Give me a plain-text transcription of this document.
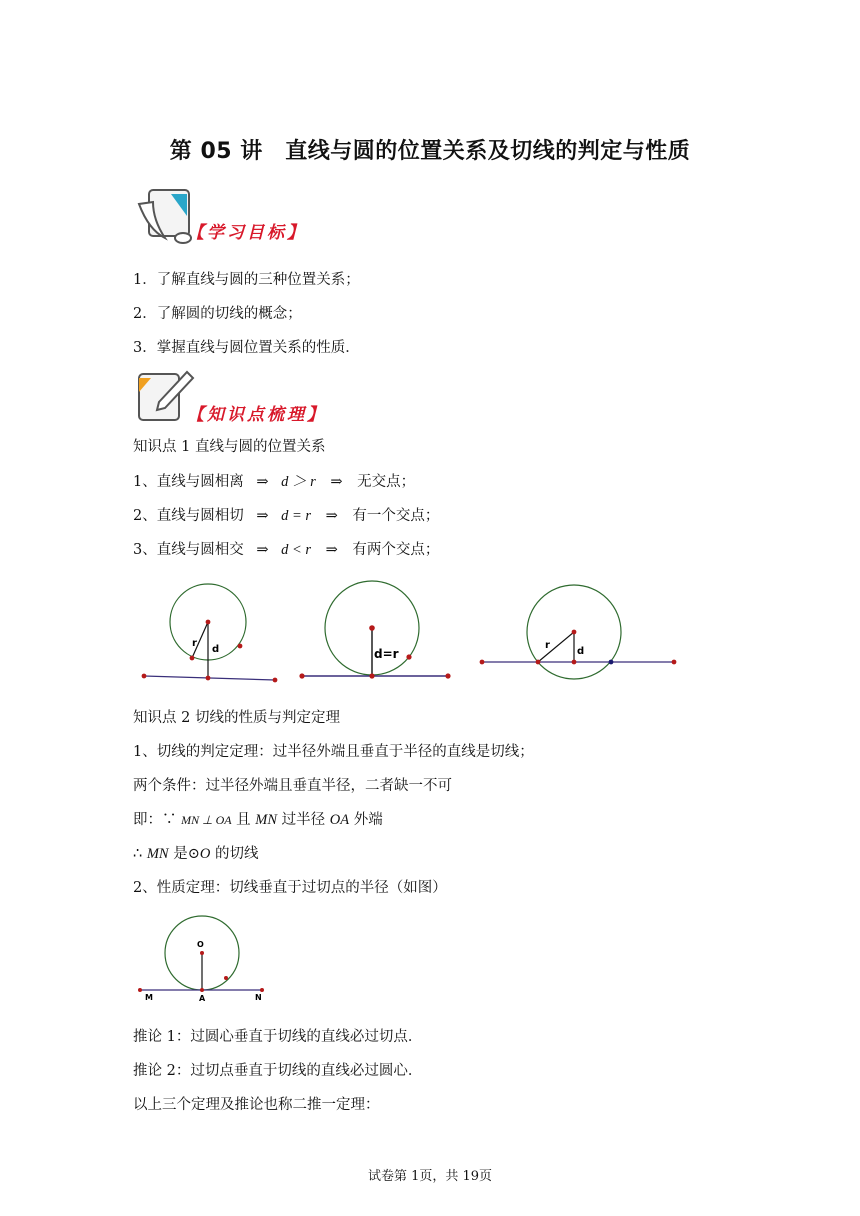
第 05 讲　直线与圆的位置关系及切线的判定与性质
【学习目标】
1．了解直线与圆的三种位置关系；
2．了解圆的切线的概念；
3．掌握直线与圆位置关系的性质．
【知识点梳理】
知识点 1 直线与圆的位置关系
1、直线与圆相离 ⇒ d ＞ r ⇒ 无交点；
2、直线与圆相切 ⇒ d = r ⇒ 有一个交点；
3、直线与圆相交 ⇒ d < r ⇒ 有两个交点；
r
d	d=r
r
d
知识点 2 切线的性质与判定定理
1、切线的判定定理：过半径外端且垂直于半径的直线是切线；
两个条件：过半径外端且垂直半径，二者缺一不可
即：∵ MN ⊥ OA 且 MN 过半径 OA 外端
∴ MN 是⊙O 的切线
2、性质定理：切线垂直于过切点的半径（如图）
O
M	A	N
推论 1：过圆心垂直于切线的直线必过切点．
推论 2：过切点垂直于切线的直线必过圆心．
以上三个定理及推论也称二推一定理：
试卷第 1页，共 19页
